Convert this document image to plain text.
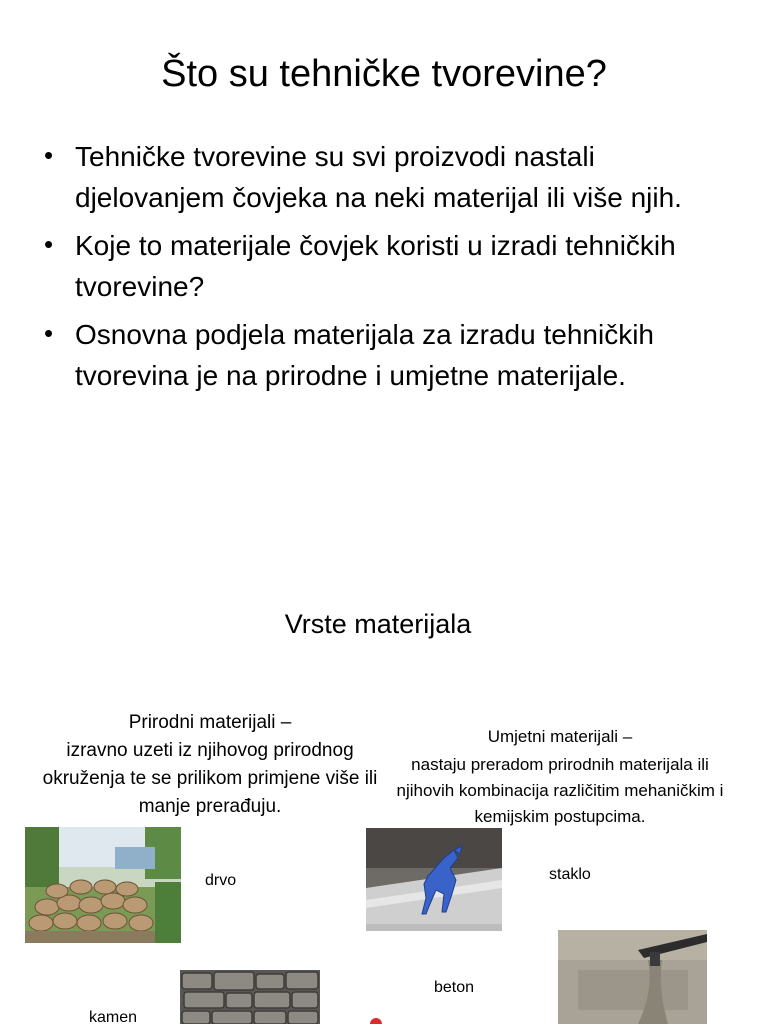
Što su tehničke tvorevine?
• Tehničke tvorevine su svi proizvodi nastali djelovanjem čovjeka na neki materijal ili više njih.
• Koje to materijale čovjek koristi u izradi tehničkih tvorevine?
• Osnovna podjela materijala za izradu tehničkih tvorevina je na prirodne i umjetne materijale.
Vrste materijala
Prirodni materijali –
izravno uzeti iz njihovog prirodnog okruženja te se prilikom primjene više ili manje prerađuju.
Umjetni materijali –
nastaju preradom prirodnih materijala ili njihovih kombinacija različitim mehaničkim i kemijskim postupcima.
drvo	staklo
beton
kamen
